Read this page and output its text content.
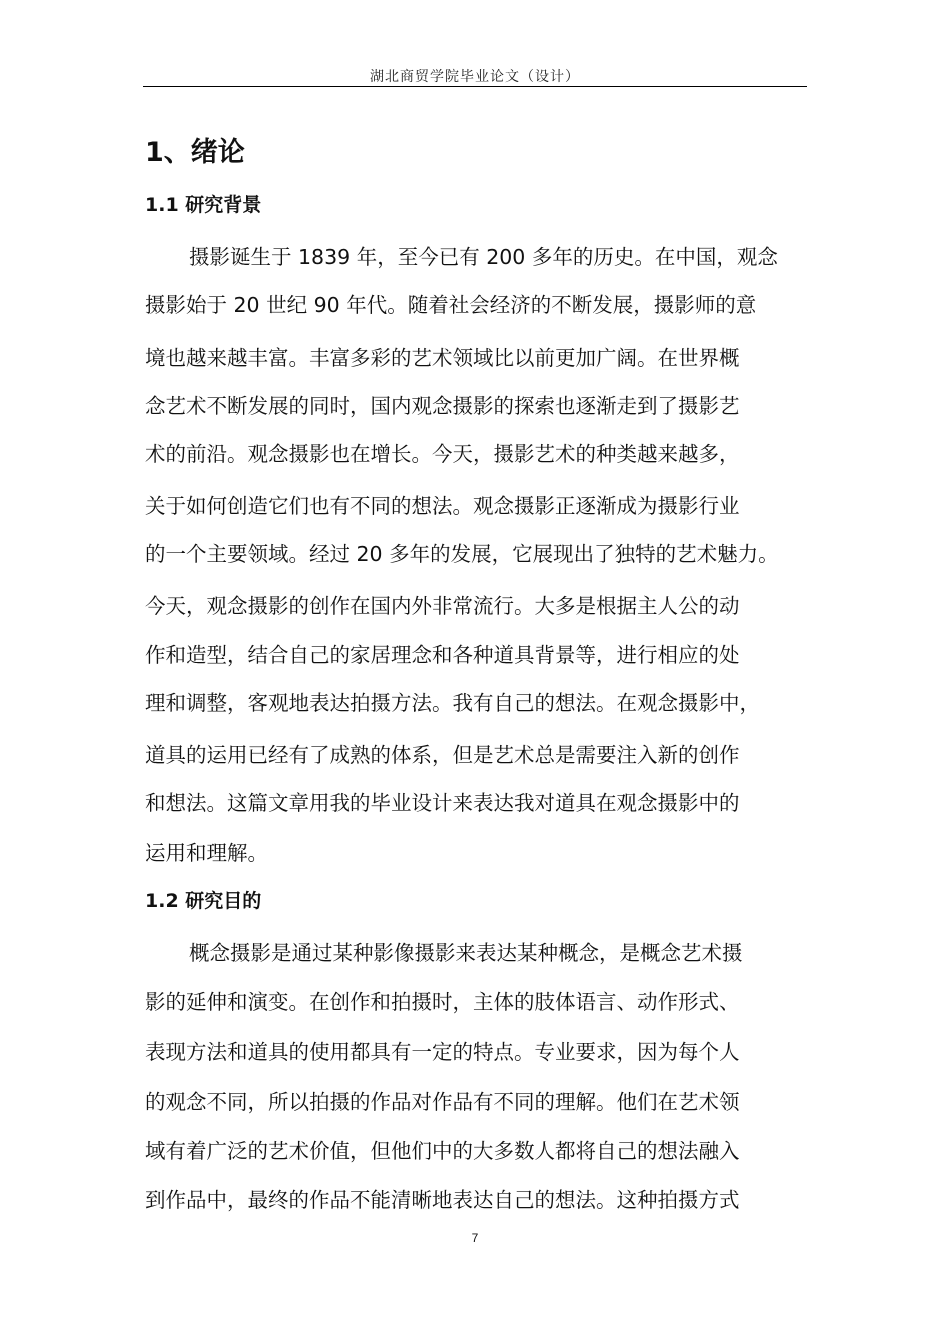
湖北商贸学院毕业论文（设计）
1、绪论
1.1 研究背景
摄影诞生于 1839 年，至今已有 200 多年的历史。在中国，观念
摄影始于 20 世纪 90 年代。随着社会经济的不断发展，摄影师的意
境也越来越丰富。丰富多彩的艺术领域比以前更加广阔。在世界概
念艺术不断发展的同时，国内观念摄影的探索也逐渐走到了摄影艺
术的前沿。观念摄影也在增长。今天，摄影艺术的种类越来越多，
关于如何创造它们也有不同的想法。观念摄影正逐渐成为摄影行业
的一个主要领域。经过 20 多年的发展，它展现出了独特的艺术魅力。
今天，观念摄影的创作在国内外非常流行。大多是根据主人公的动
作和造型，结合自己的家居理念和各种道具背景等，进行相应的处
理和调整，客观地表达拍摄方法。我有自己的想法。在观念摄影中，
道具的运用已经有了成熟的体系，但是艺术总是需要注入新的创作
和想法。这篇文章用我的毕业设计来表达我对道具在观念摄影中的
运用和理解。
1.2 研究目的
概念摄影是通过某种影像摄影来表达某种概念，是概念艺术摄
影的延伸和演变。在创作和拍摄时，主体的肢体语言、动作形式、
表现方法和道具的使用都具有一定的特点。专业要求，因为每个人
的观念不同，所以拍摄的作品对作品有不同的理解。他们在艺术领
域有着广泛的艺术价值，但他们中的大多数人都将自己的想法融入
到作品中，最终的作品不能清晰地表达自己的想法。这种拍摄方式
7
